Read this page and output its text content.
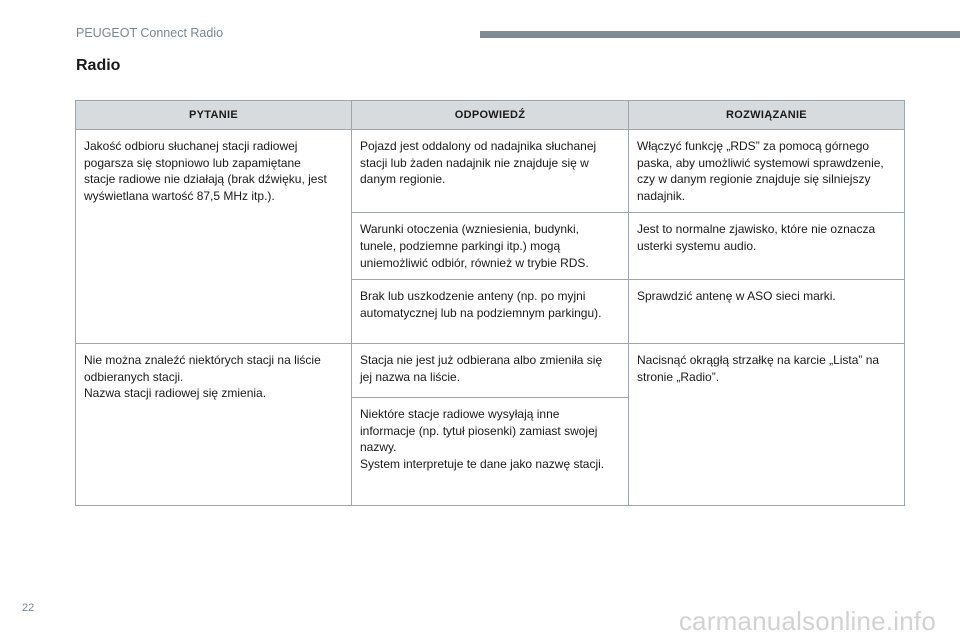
PEUGEOT Connect Radio
Radio
PYTANIE	ODPOWIEDŹ	ROZWIĄZANIE
Jakość odbioru słuchanej stacji radiowej
pogarsza się stopniowo lub zapamiętane
stacje radiowe nie działają (brak dźwięku, jest
wyświetlana wartość 87,5 MHz itp.).	Pojazd jest oddalony od nadajnika słuchanej
stacji lub żaden nadajnik nie znajduje się w
danym regionie.	Włączyć funkcję „RDS” za pomocą górnego
paska, aby umożliwić systemowi sprawdzenie,
czy w danym regionie znajduje się silniejszy
nadajnik.
	Warunki otoczenia (wzniesienia, budynki,
tunele, podziemne parkingi itp.) mogą
uniemożliwić odbiór, również w trybie RDS.	Jest to normalne zjawisko, które nie oznacza
usterki systemu audio.
	Brak lub uszkodzenie anteny (np. po myjni
automatycznej lub na podziemnym parkingu).	Sprawdzić antenę w ASO sieci marki.
Nie można znaleźć niektórych stacji na liście
odbieranych stacji.
Nazwa stacji radiowej się zmienia.	Stacja nie jest już odbierana albo zmieniła się
jej nazwa na liście.	Nacisnąć okrągłą strzałkę na karcie „Lista” na
stronie „Radio”.
	Niektóre stacje radiowe wysyłają inne
informacje (np. tytuł piosenki) zamiast swojej
nazwy.
System interpretuje te dane jako nazwę stacji.	
22	carmanualsonline.info
